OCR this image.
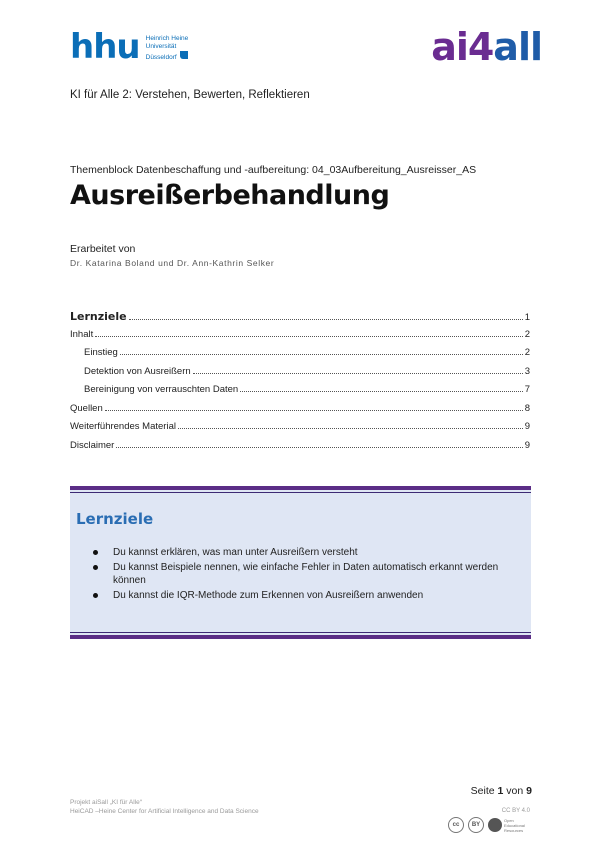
hhu Heinrich Heine
Universität
Düsseldorf	ai4all
KI für Alle 2: Verstehen, Bewerten, Reflektieren
Themenblock Datenbeschaffung und -aufbereitung: 04_03Aufbereitung_Ausreisser_AS
Ausreißerbehandlung
Erarbeitet von
Dr. Katarina Boland und Dr. Ann-Kathrin Selker
Lernziele	1
Inhalt	2
Einstieg	2
Detektion von Ausreißern	3
Bereinigung von verrauschten Daten	7
Quellen	8
Weiterführendes Material	9
Disclaimer	9
Lernziele
Du kannst erklären, was man unter Ausreißern versteht
Du kannst Beispiele nennen, wie einfache Fehler in Daten automatisch erkannt werden können
Du kannst die IQR-Methode zum Erkennen von Ausreißern anwenden
Seite 1 von 9
Projekt aiSall „KI für Alle“
HeiCAD –Heine Center for Artificial Intelligence and Data Science	CC BY 4.0
cc	BY
Open
Educational
Resources
